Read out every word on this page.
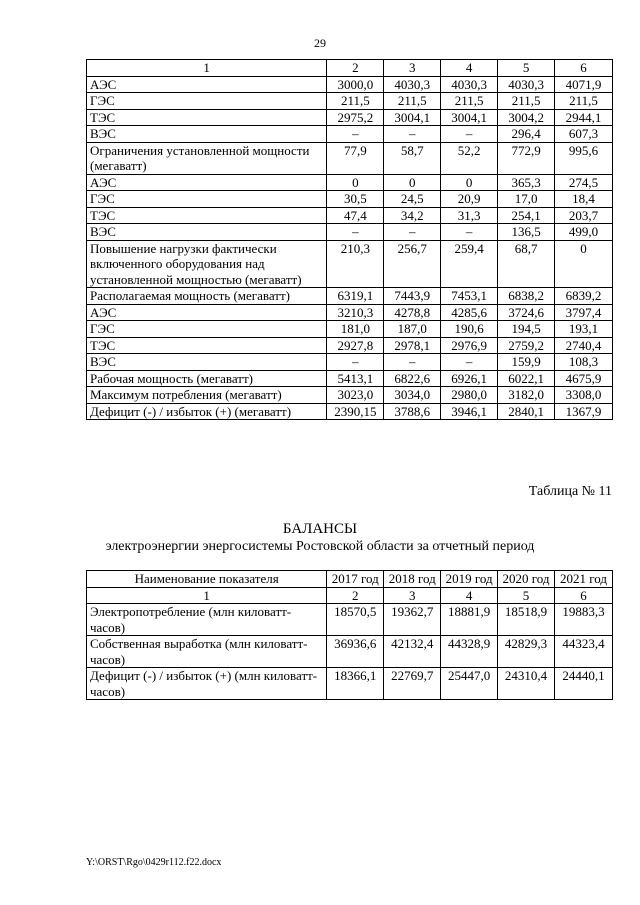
29
1	2	3	4	5	6
АЭС	3000,0	4030,3	4030,3	4030,3	4071,9
ГЭС	211,5	211,5	211,5	211,5	211,5
ТЭС	2975,2	3004,1	3004,1	3004,2	2944,1
ВЭС	–	–	–	296,4	607,3
Ограничения установленной мощности (мегаватт)	77,9	58,7	52,2	772,9	995,6
АЭС	0	0	0	365,3	274,5
ГЭС	30,5	24,5	20,9	17,0	18,4
ТЭС	47,4	34,2	31,3	254,1	203,7
ВЭС	–	–	–	136,5	499,0
Повышение нагрузки фактически включенного оборудования над установленной мощностью (мегаватт)	210,3	256,7	259,4	68,7	0
Располагаемая мощность (мегаватт)	6319,1	7443,9	7453,1	6838,2	6839,2
АЭС	3210,3	4278,8	4285,6	3724,6	3797,4
ГЭС	181,0	187,0	190,6	194,5	193,1
ТЭС	2927,8	2978,1	2976,9	2759,2	2740,4
ВЭС	–	–	–	159,9	108,3
Рабочая мощность (мегаватт)	5413,1	6822,6	6926,1	6022,1	4675,9
Максимум потребления (мегаватт)	3023,0	3034,0	2980,0	3182,0	3308,0
Дефицит (-) / избыток (+) (мегаватт)	2390,15	3788,6	3946,1	2840,1	1367,9
Таблица № 11
БАЛАНСЫ
электроэнергии энергосистемы Ростовской области за отчетный период
Наименование показателя	2017 год	2018 год	2019 год	2020 год	2021 год
1	2	3	4	5	6
Электропотребление (млн киловатт-часов)	18570,5	19362,7	18881,9	18518,9	19883,3
Собственная выработка (млн киловатт-часов)	36936,6	42132,4	44328,9	42829,3	44323,4
Дефицит (-) / избыток (+) (млн киловатт-часов)	18366,1	22769,7	25447,0	24310,4	24440,1
Y:\ORST\Rgo\0429r112.f22.docx
